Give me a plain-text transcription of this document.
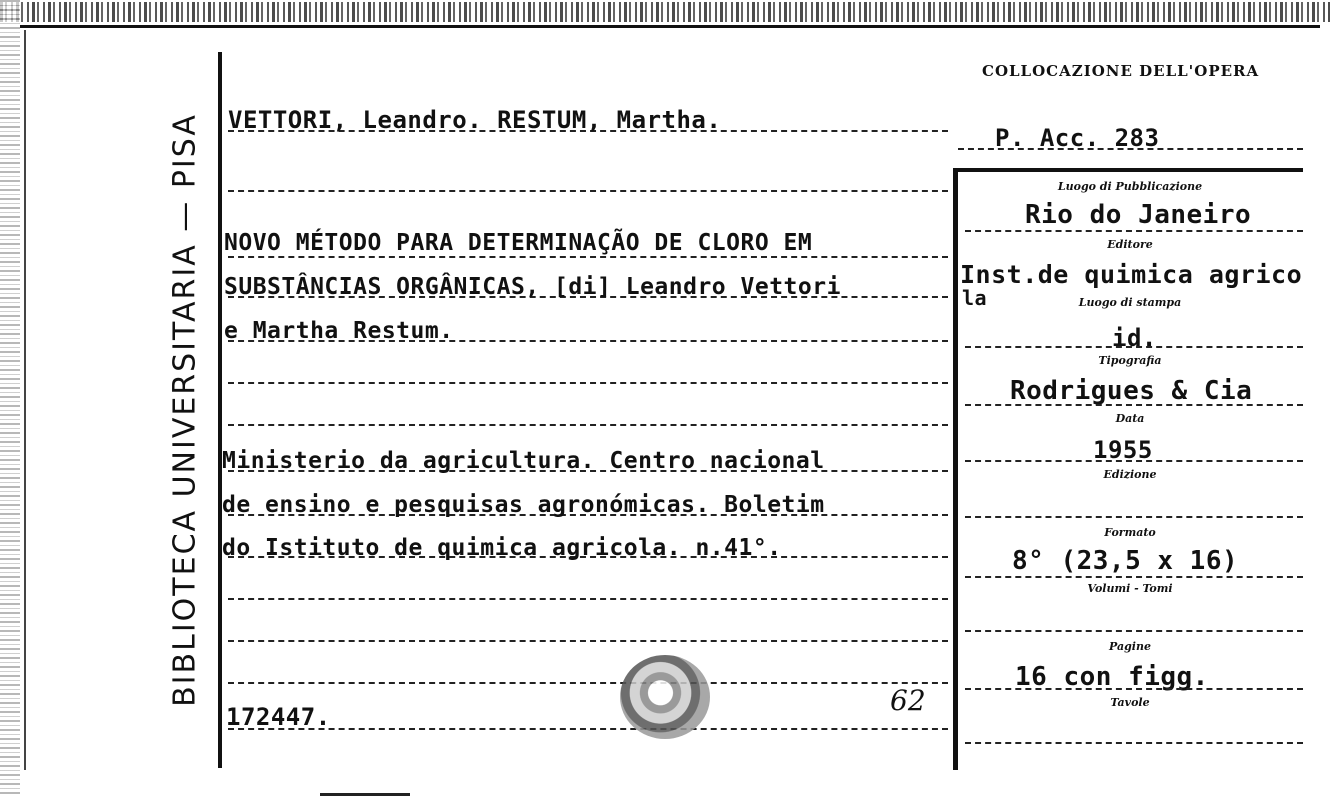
BIBLIOTECA UNIVERSITARIA — PISA
COLLOCAZIONE DELL'OPERA
VETTORI, Leandro. RESTUM, Martha.
P. Acc. 283
NOVO MÉTODO PARA DETERMINAÇÃO DE CLORO EM
SUBSTÂNCIAS ORGÂNICAS, [di] Leandro Vettori
e Martha Restum.
Ministerio da agricultura. Centro nacional
de ensino e pesquisas agronómicas. Boletim
do Istituto de quimica agricola. n.41°.
172447.	62
Luogo di Pubblicazione
Rio do Janeiro
Editore
Inst.de quimica agrico
la	Luogo di stampa
id.
Tipografia
Rodrigues & Cia
Data
1955
Edizione
Formato
8° (23,5 x 16)
Volumi - Tomi
Pagine
16 con figg.
Tavole
